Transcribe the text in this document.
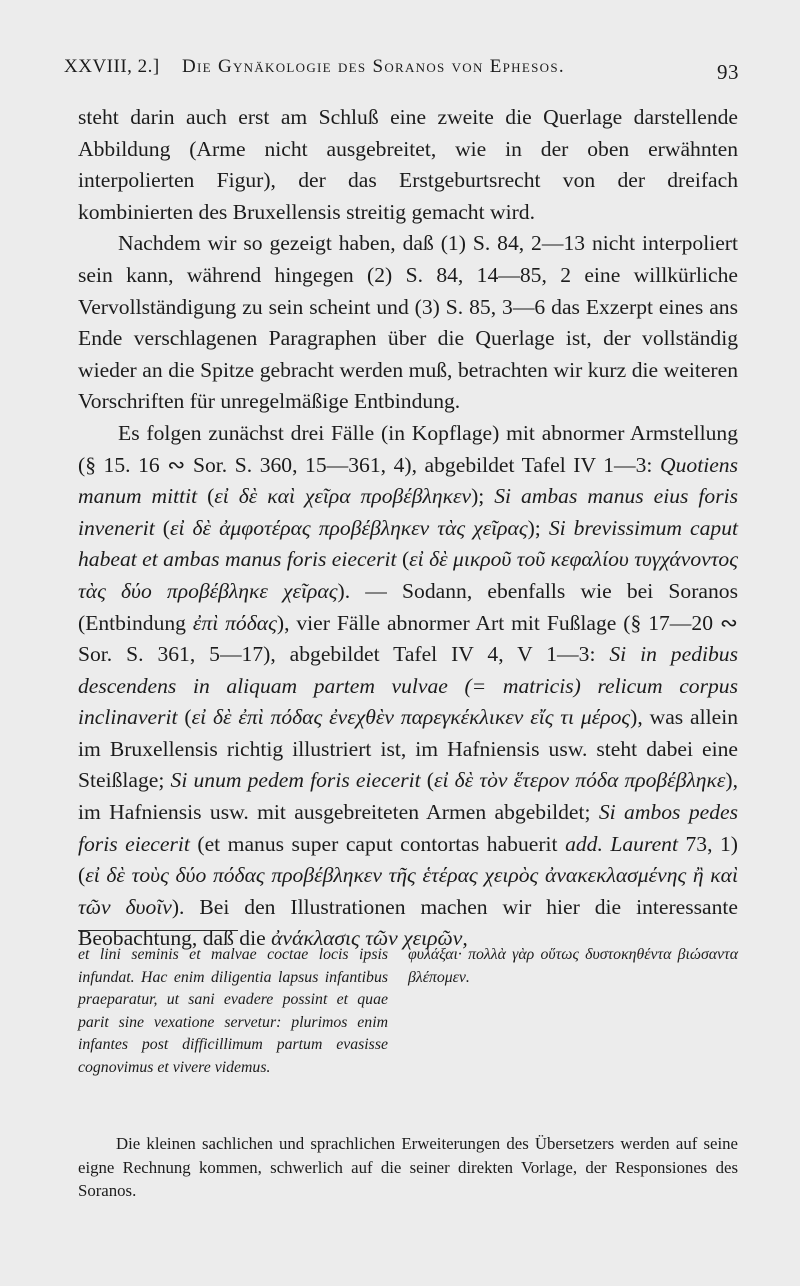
XXVIII, 2.] Die Gynäkologie des Soranos von Ephesos.	93

steht darin auch erst am Schluß eine zweite die Querlage darstellende Abbildung (Arme nicht ausgebreitet, wie in der oben erwähnten interpolierten Figur), der das Erstgeburtsrecht von der dreifach kombinierten des Bruxellensis streitig gemacht wird.

Nachdem wir so gezeigt haben, daß (1) S. 84, 2—13 nicht interpoliert sein kann, während hingegen (2) S. 84, 14—85, 2 eine willkürliche Vervollständigung zu sein scheint und (3) S. 85, 3—6 das Exzerpt eines ans Ende verschlagenen Paragraphen über die Querlage ist, der vollständig wieder an die Spitze gebracht werden muß, betrachten wir kurz die weiteren Vorschriften für unregelmäßige Entbindung.

Es folgen zunächst drei Fälle (in Kopflage) mit abnormer Armstellung (§ 15. 16 ∾ Sor. S. 360, 15—361, 4), abgebildet Tafel IV 1—3: Quotiens manum mittit (εἰ δὲ καὶ χεῖρα προβέβληκεν); Si ambas manus eius foris invenerit (εἰ δὲ ἀμφοτέρας προβέβληκεν τὰς χεῖρας); Si brevissimum caput habeat et ambas manus foris eiecerit (εἰ δὲ μικροῦ τοῦ κεφαλίου τυγχάνοντος τὰς δύο προβέβληκε χεῖρας). — Sodann, ebenfalls wie bei Soranos (Entbindung ἐπὶ πόδας), vier Fälle abnormer Art mit Fußlage (§ 17—20 ∾ Sor. S. 361, 5—17), abgebildet Tafel IV 4, V 1—3: Si in pedibus descendens in aliquam partem vulvae (= matricis) relicum corpus inclinaverit (εἰ δὲ ἐπὶ πόδας ἐνεχθὲν παρεγκέκλικεν εἴς τι μέρος), was allein im Bruxellensis richtig illustriert ist, im Hafniensis usw. steht dabei eine Steißlage; Si unum pedem foris eiecerit (εἰ δὲ τὸν ἕτερον πόδα προβέβληκε), im Hafniensis usw. mit ausgebreiteten Armen abgebildet; Si ambos pedes foris eiecerit (et manus super caput contortas habuerit add. Laurent 73, 1) (εἰ δὲ τοὺς δύο πόδας προβέβληκεν τῆς ἑτέρας χειρὸς ἀνακεκλασμένης ἢ καὶ τῶν δυοῖν). Bei den Illustrationen machen wir hier die interessante Beobachtung, daß die ἀνάκλασις τῶν χειρῶν,

et lini seminis et malvae coctae locis ipsis infundat. Hac enim diligentia lapsus infantibus praeparatur, ut sani evadere possint et quae parit sine vexatione servetur: plurimos enim infantes post difficillimum partum evasisse cognovimus et vivere videmus.
φυλάξαι· πολλὰ γὰρ οὕτως δυστοκηθέντα βιώσαντα βλέπομεν.

Die kleinen sachlichen und sprachlichen Erweiterungen des Übersetzers werden auf seine eigne Rechnung kommen, schwerlich auf die seiner direkten Vorlage, der Responsiones des Soranos.
